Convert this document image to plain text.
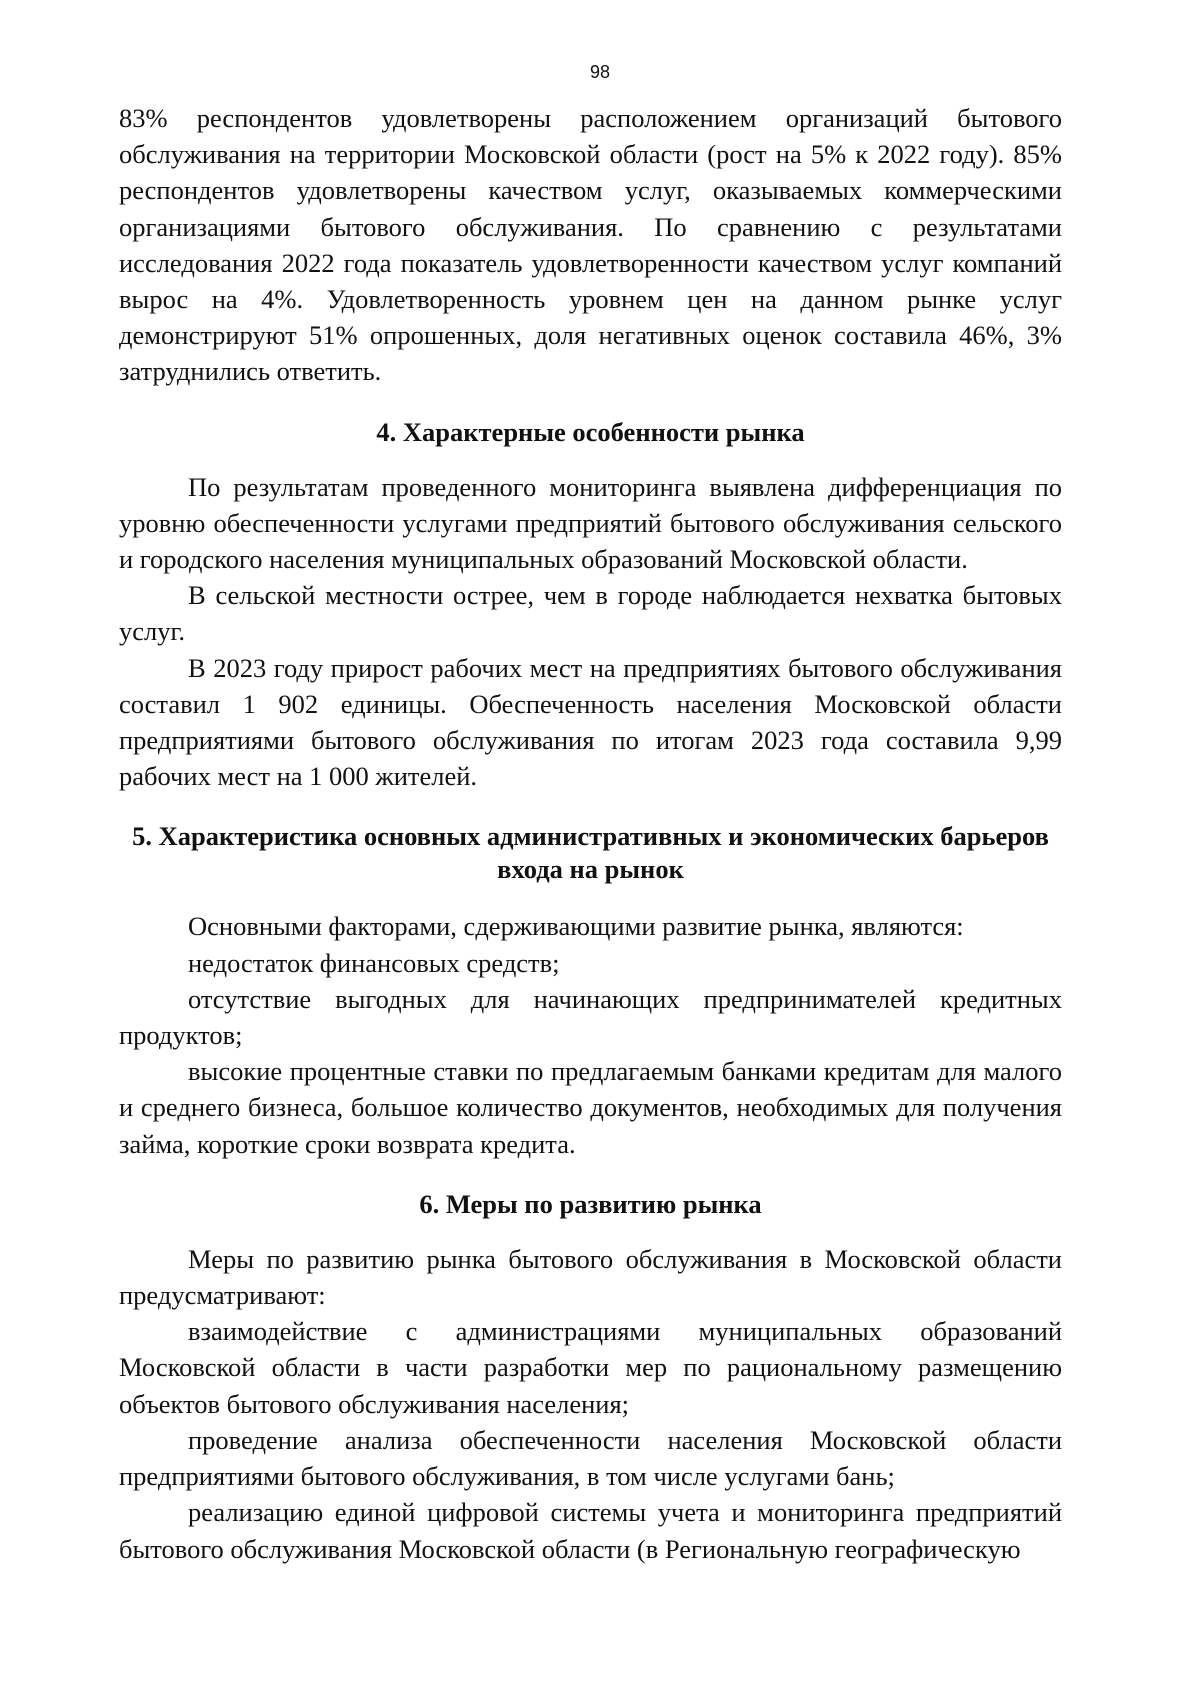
98

83% респондентов удовлетворены расположением организаций бытового обслуживания на территории Московской области (рост на 5% к 2022 году). 85% респондентов удовлетворены качеством услуг, оказываемых коммерческими организациями бытового обслуживания. По сравнению с результатами исследования 2022 года показатель удовлетворенности качеством услуг компаний вырос на 4%. Удовлетворенность уровнем цен на данном рынке услуг демонстрируют 51% опрошенных, доля негативных оценок составила 46%, 3% затруднились ответить.

4. Характерные особенности рынка

По результатам проведенного мониторинга выявлена дифференциация по уровню обеспеченности услугами предприятий бытового обслуживания сельского и городского населения муниципальных образований Московской области.

В сельской местности острее, чем в городе наблюдается нехватка бытовых услуг.

В 2023 году прирост рабочих мест на предприятиях бытового обслуживания составил 1 902 единицы. Обеспеченность населения Московской области предприятиями бытового обслуживания по итогам 2023 года составила 9,99 рабочих мест на 1 000 жителей.

5. Характеристика основных административных и экономических барьеров
входа на рынок

Основными факторами, сдерживающими развитие рынка, являются:

недостаток финансовых средств;

отсутствие выгодных для начинающих предпринимателей кредитных продуктов;

высокие процентные ставки по предлагаемым банками кредитам для малого и среднего бизнеса, большое количество документов, необходимых для получения займа, короткие сроки возврата кредита.

6. Меры по развитию рынка

Меры по развитию рынка бытового обслуживания в Московской области предусматривают:

взаимодействие с администрациями муниципальных образований Московской области в части разработки мер по рациональному размещению объектов бытового обслуживания населения;

проведение анализа обеспеченности населения Московской области предприятиями бытового обслуживания, в том числе услугами бань;

реализацию единой цифровой системы учета и мониторинга предприятий бытового обслуживания Московской области (в Региональную географическую
